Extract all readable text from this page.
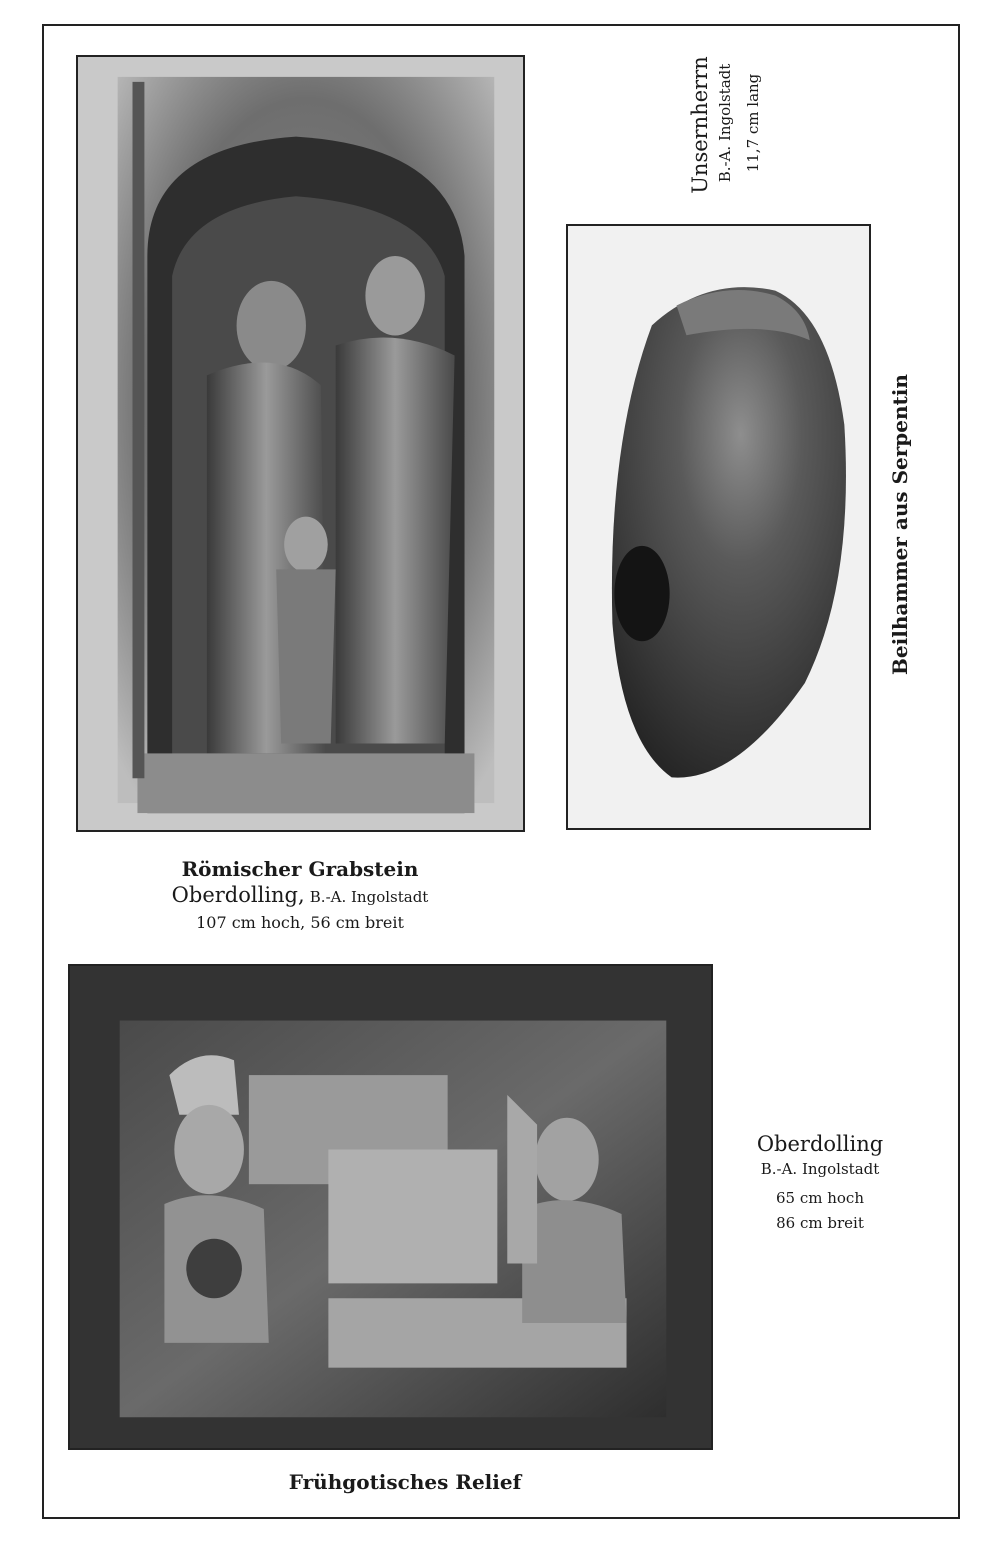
Römischer Grabstein
Oberdolling, B.-A. Ingolstadt
107 cm hoch, 56 cm breit
Unsernherrn B.-A. Ingolstadt 11,7 cm lang
Beilhammer aus Serpentin
Oberdolling
B.-A. Ingolstadt
65 cm hoch
86 cm breit
Frühgotisches Relief
